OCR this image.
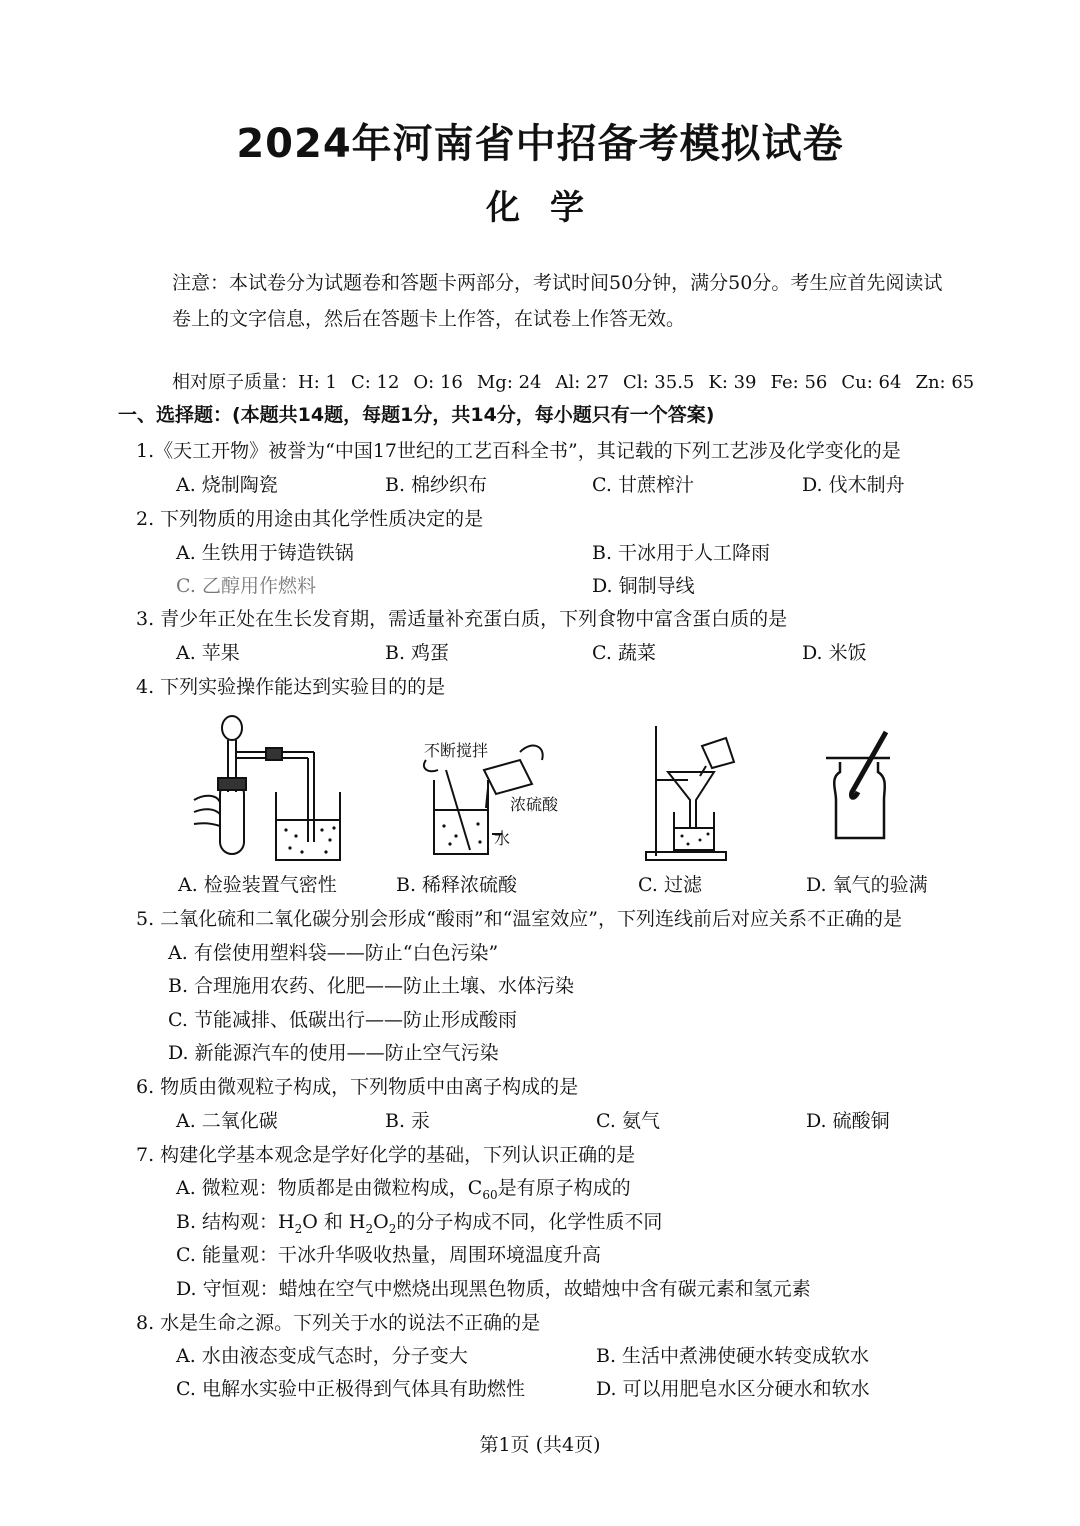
2024年河南省中招备考模拟试卷
化学
注意：本试卷分为试题卷和答题卡两部分，考试时间50分钟，满分50分。考生应首先阅读试
卷上的文字信息，然后在答题卡上作答，在试卷上作答无效。
相对原子质量：H: 1 C: 12 O: 16 Mg: 24 Al: 27 Cl: 35.5 K: 39 Fe: 56 Cu: 64 Zn: 65
一、选择题：(本题共14题，每题1分，共14分，每小题只有一个答案)
1.《天工开物》被誉为“中国17世纪的工艺百科全书”，其记载的下列工艺涉及化学变化的是
A. 烧制陶瓷	B. 棉纱织布	C. 甘蔗榨汁	D. 伐木制舟
2. 下列物质的用途由其化学性质决定的是
A. 生铁用于铸造铁锅	B. 干冰用于人工降雨
C. 乙醇用作燃料	D. 铜制导线
3. 青少年正处在生长发育期，需适量补充蛋白质，下列食物中富含蛋白质的是
A. 苹果	B. 鸡蛋	C. 蔬菜	D. 米饭
4. 下列实验操作能达到实验目的的是
不断搅拌
浓硫酸
水
A. 检验装置气密性	B. 稀释浓硫酸	C. 过滤	D. 氧气的验满
5. 二氧化硫和二氧化碳分别会形成“酸雨”和“温室效应”，下列连线前后对应关系不正确的是
A. 有偿使用塑料袋——防止“白色污染”
B. 合理施用农药、化肥——防止土壤、水体污染
C. 节能减排、低碳出行——防止形成酸雨
D. 新能源汽车的使用——防止空气污染
6. 物质由微观粒子构成，下列物质中由离子构成的是
A. 二氧化碳	B. 汞	C. 氨气	D. 硫酸铜
7. 构建化学基本观念是学好化学的基础，下列认识正确的是
A. 微粒观：物质都是由微粒构成，$C_{60}$是有原子构成的
B. 结构观：$H_2O$ 和 $H_2O_2$的分子构成不同，化学性质不同
C. 能量观：干冰升华吸收热量，周围环境温度升高
D. 守恒观：蜡烛在空气中燃烧出现黑色物质，故蜡烛中含有碳元素和氢元素
8. 水是生命之源。下列关于水的说法不正确的是
A. 水由液态变成气态时，分子变大	B. 生活中煮沸使硬水转变成软水
C. 电解水实验中正极得到气体具有助燃性	D. 可以用肥皂水区分硬水和软水
第1页 (共4页)
